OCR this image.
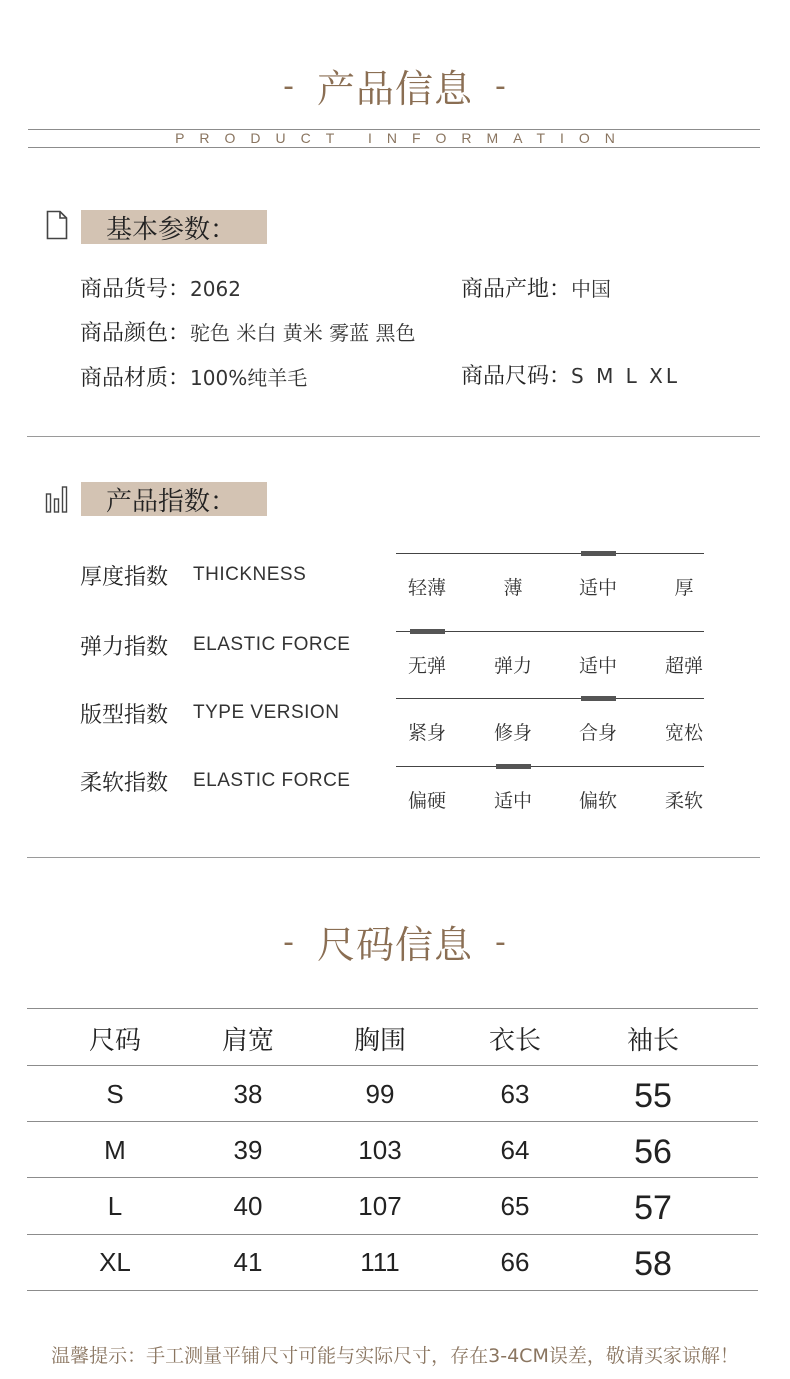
- 产品信息 -
PRODUCT INFORMATION
基本参数：
商品货号：2062	商品产地：中国
商品颜色：驼色 米白 黄米 雾蓝 黑色
商品材质：100%纯羊毛	商品尺码：S M L XL
产品指数：
厚度指数 THICKNESS
轻薄	薄	适中	厚
弹力指数 ELASTIC FORCE
无弹	弹力	适中	超弹
版型指数 TYPE VERSION
紧身	修身	合身	宽松
柔软指数 ELASTIC FORCE
偏硬	适中	偏软	柔软
- 尺码信息 -
尺码	肩宽	胸围	衣长	袖长
S	38	99	63	55
M	39	103	64	56
L	40	107	65	57
XL	41	111	66	58
温馨提示：手工测量平铺尺寸可能与实际尺寸，存在3-4CM误差，敬请买家谅解！
